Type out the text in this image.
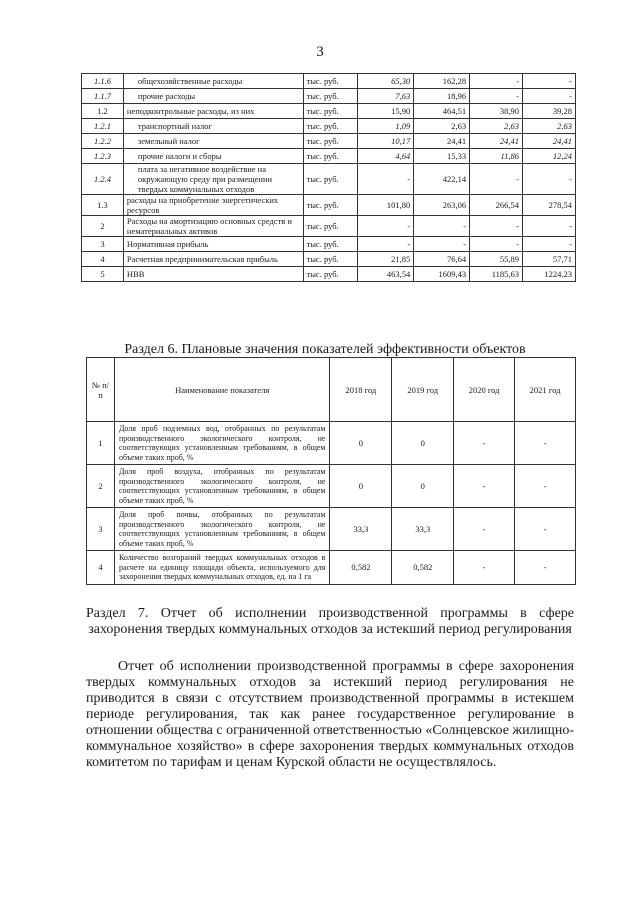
3
1.1.6	общехозяйственные расходы	тыс. руб.	65,30	162,28	-	-
1.1.7	прочие расходы	тыс. руб.	7,63	18,96	-	-
1.2	неподконтрольные расходы, из них	тыс. руб.	15,90	464,51	38,90	39,28
1.2.1	транспортный налог	тыс. руб.	1,09	2,63	2,63	2,63
1.2.2	земельный налог	тыс. руб.	10,17	24,41	24,41	24,41
1.2.3	прочие налоги и сборы	тыс. руб.	4,64	15,33	11,86	12,24
1.2.4	плата за негативное воздействие на окружающую среду при размещении твердых коммунальных отходов	тыс. руб.	-	422,14	-	-
1.3	расходы на приобретение энергетических ресурсов	тыс. руб.	101,80	263,06	266,54	278,54
2	Расходы на амортизацию основных средств и нематериальных активов	тыс. руб.	-	-	-	-
3	Нормативная прибыль	тыс. руб.	-	-	-	-
4	Расчетная предпринимательская прибыль	тыс. руб.	21,85	76,64	55,89	57,71
5	НВВ	тыс. руб.	463,54	1609,43	1185,63	1224,23
Раздел 6. Плановые значения показателей эффективности объектов
№ п/п	Наименование показателя	2018 год	2019 год	2020 год	2021 год
1	Доля проб подземных вод, отобранных по результатам производственного экологического контроля, не соответствующих установленным требованиям, в общем объеме таких проб, %	0	0	-	-
2	Доля проб воздуха, отобранных по результатам производственного экологического контроля, не соответствующих установленным требованиям, в общем объеме таких проб, %	0	0	-	-
3	Доля проб почвы, отобранных по результатам производственного экологического контроля, не соответствующих установленным требованиям, в общем объеме таких проб, %	33,3	33,3	-	-
4	Количество возгораний твердых коммунальных отходов в расчете на единицу площади объекта, используемого для захоронения твердых коммунальных отходов, ед. на 1 га	0,582	0,582	-	-
Раздел 7. Отчет об исполнении производственной программы в сфере
захоронения твердых коммунальных отходов за истекший период регулирования
Отчет об исполнении производственной программы в сфере захоронения твердых коммунальных отходов за истекший период регулирования не приводится в связи с отсутствием производственной программы в истекшем периоде регулирования, так как ранее государственное регулирование в отношении общества с ограниченной ответственностью «Солнцевское жилищно-коммунальное хозяйство» в сфере захоронения твердых коммунальных отходов комитетом по тарифам и ценам Курской области не осуществлялось.
